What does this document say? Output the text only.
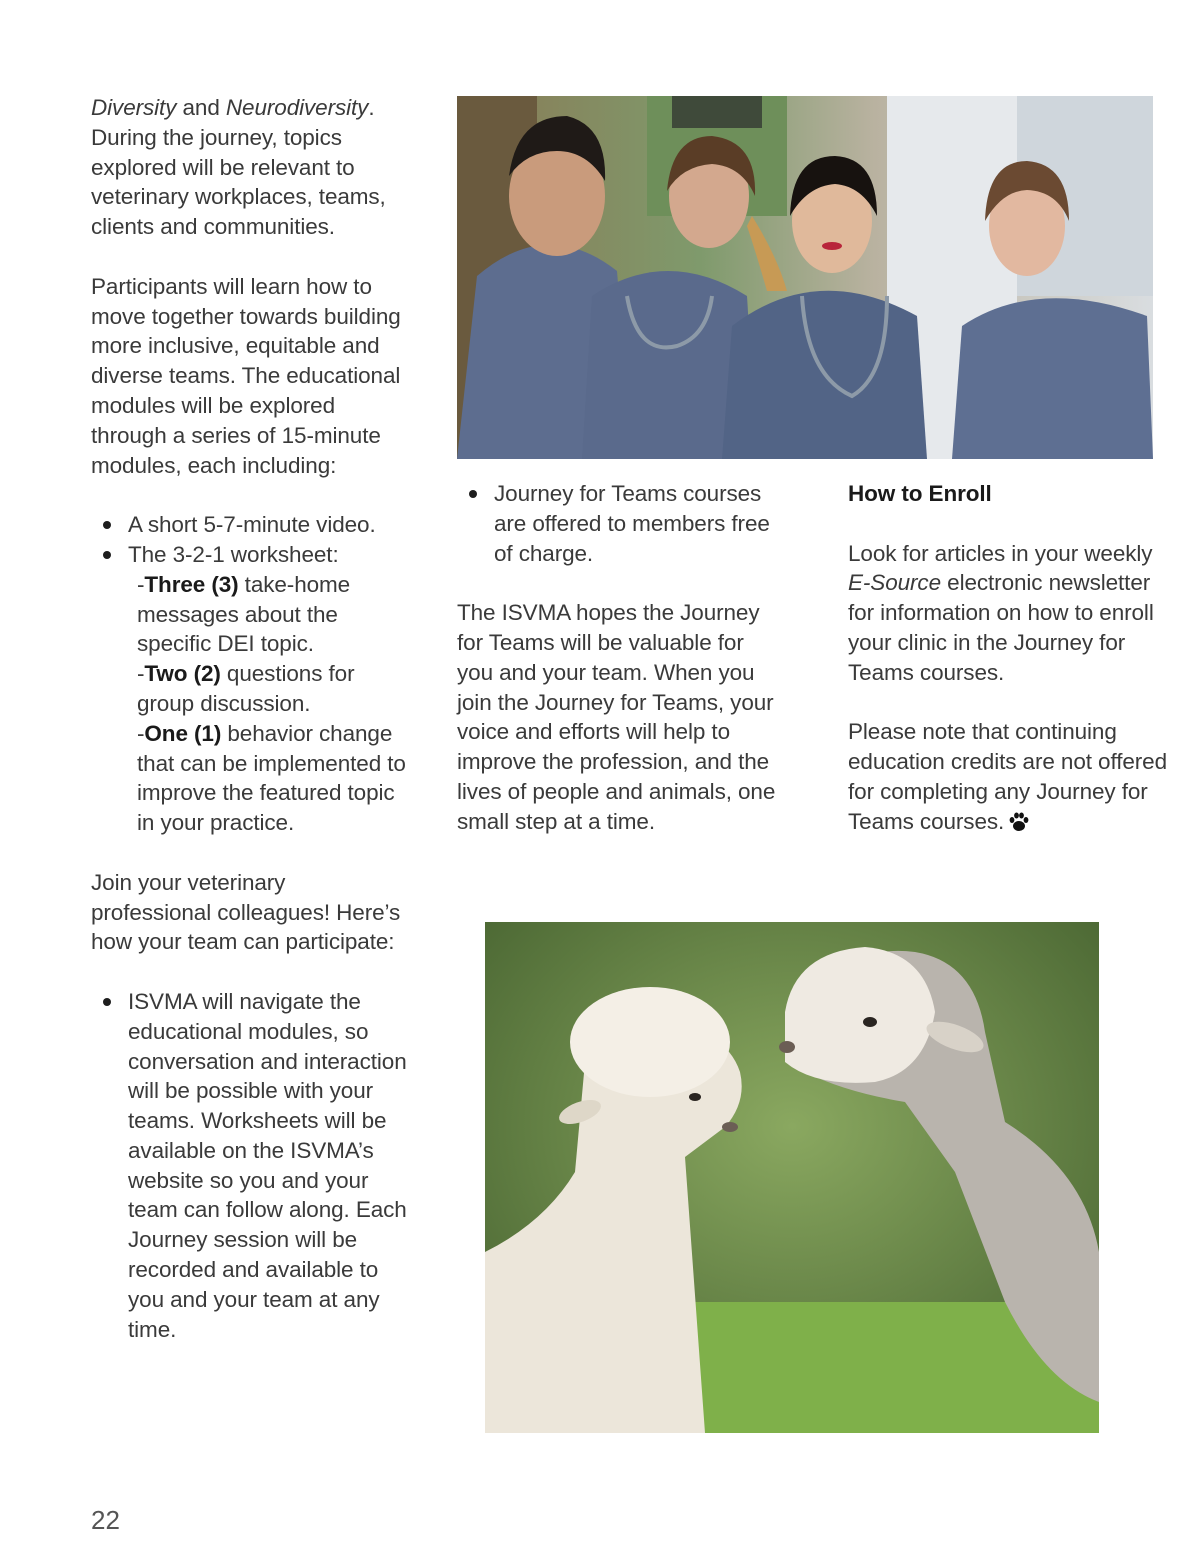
Diversity and Neurodiversity. During the journey, topics explored will be relevant to veterinary workplaces, teams, clients and communities.

Participants will learn how to move together towards building more inclusive, equitable and diverse teams. The educational modules will be explored through a series of 15-minute modules, each including:

A short 5-7-minute video.
The 3-2-1 worksheet:
-Three (3) take-home messages about the specific DEI topic.
-Two (2) questions for group discussion.
-One (1) behavior change that can be implemented to improve the featured topic in your practice.

Join your veterinary professional colleagues! Here’s how your team can participate:

ISVMA will navigate the educational modules, so conversation and interaction will be possible with your teams. Worksheets will be available on the ISVMA’s website so you and your team can follow along. Each Journey session will be recorded and available to you and your team at any time.
Journey for Teams courses are offered to members free of charge.

The ISVMA hopes the Journey for Teams will be valuable for you and your team. When you join the Journey for Teams, your voice and efforts will help to improve the profession, and the lives of people and animals, one small step at a time.

How to Enroll

Look for articles in your weekly E-Source electronic newsletter for information on how to enroll your clinic in the Journey for Teams courses.

Please note that continuing education credits are not offered for completing any Journey for Teams courses.

22
